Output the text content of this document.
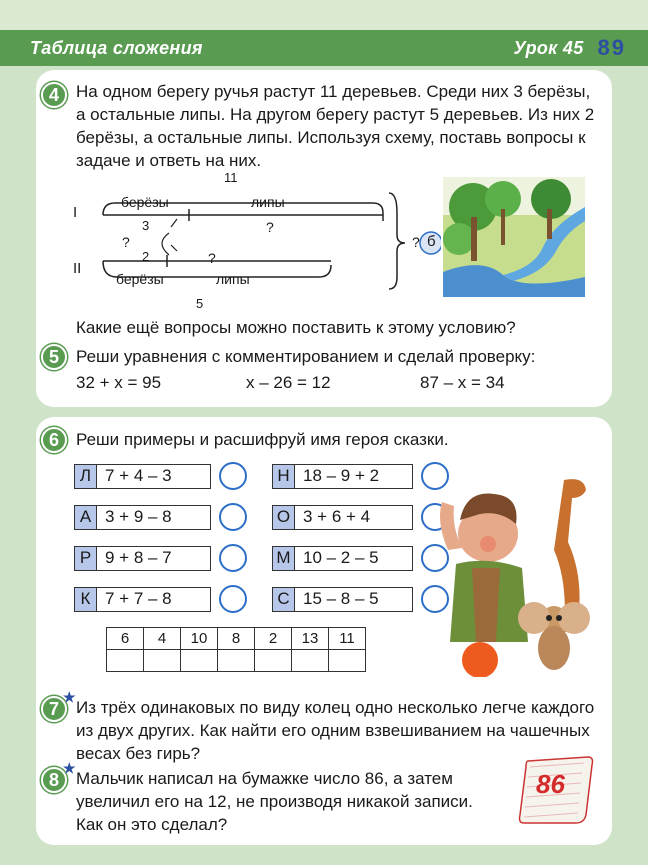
Таблица сложения	Урок 45 89
4	На одном берегу ручья растут 11 деревьев. Среди них 3 берёзы, а остальные липы. На другом берегу растут 5 деревьев. Из них 2 берёзы, а остальные липы. Используя схему, поставь вопросы к задаче и ответь на них.
11
I
берёзы	липы
3
2
?
?
?
II
берёзы	липы
5
? б
Какие ещё вопросы можно поставить к этому условию?
5	Реши уравнения с комментированием и сделай проверку:
32 + x = 95	x – 26 = 12	87 – x = 34
6	Реши примеры и расшифруй имя героя сказки.
Л 7 + 4 – 3
А 3 + 9 – 8
Р 9 + 8 – 7
К 7 + 7 – 8
Н 18 – 9 + 2
О 3 + 6 + 4
М 10 – 2 – 5
С 15 – 8 – 5
6	4	10	8	2	13	11

7
★
Из трёх одинаковых по виду колец одно несколько легче каждого из двух других. Как найти его одним взвешиванием на чашечных весах без гирь?
8
★
Мальчик написал на бумажке число 86, а затем увеличил его на 12, не производя никакой записи. Как он это сделал?
86
